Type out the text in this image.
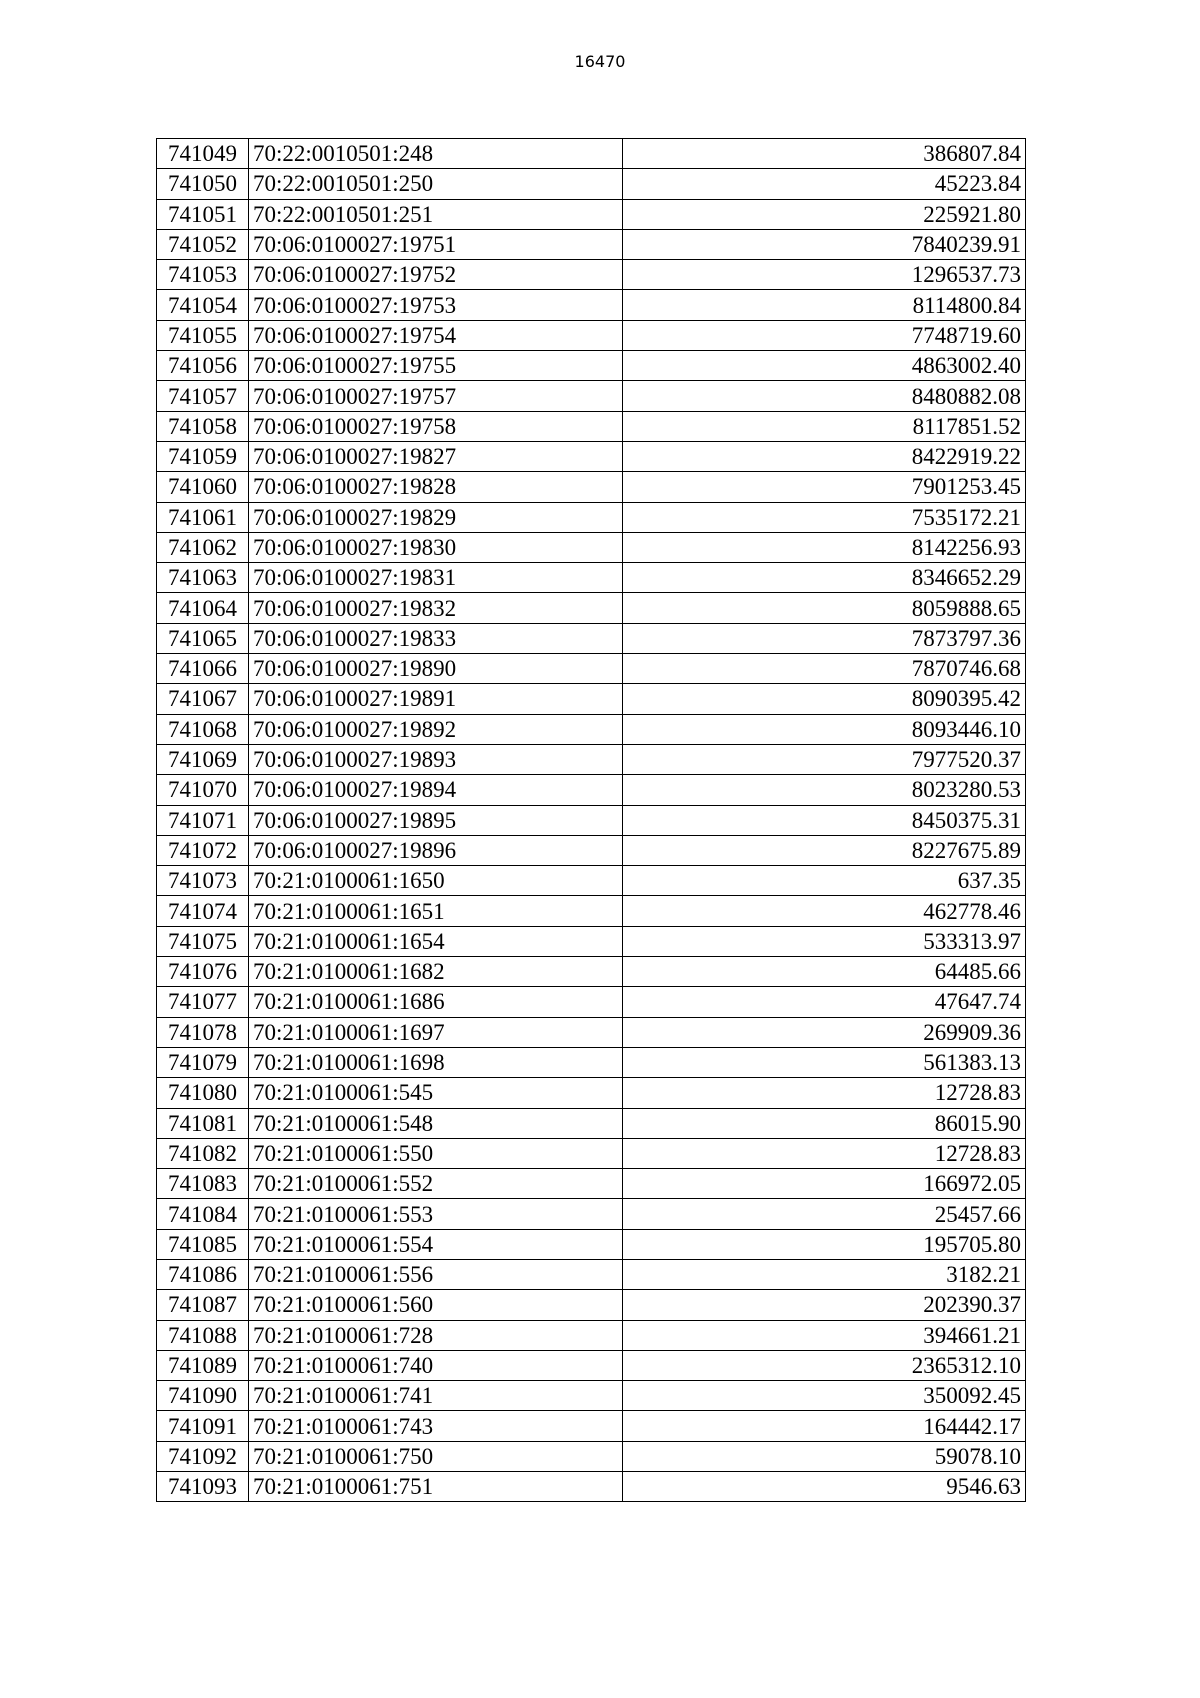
16470
741049	70:22:0010501:248	386807.84
741050	70:22:0010501:250	45223.84
741051	70:22:0010501:251	225921.80
741052	70:06:0100027:19751	7840239.91
741053	70:06:0100027:19752	1296537.73
741054	70:06:0100027:19753	8114800.84
741055	70:06:0100027:19754	7748719.60
741056	70:06:0100027:19755	4863002.40
741057	70:06:0100027:19757	8480882.08
741058	70:06:0100027:19758	8117851.52
741059	70:06:0100027:19827	8422919.22
741060	70:06:0100027:19828	7901253.45
741061	70:06:0100027:19829	7535172.21
741062	70:06:0100027:19830	8142256.93
741063	70:06:0100027:19831	8346652.29
741064	70:06:0100027:19832	8059888.65
741065	70:06:0100027:19833	7873797.36
741066	70:06:0100027:19890	7870746.68
741067	70:06:0100027:19891	8090395.42
741068	70:06:0100027:19892	8093446.10
741069	70:06:0100027:19893	7977520.37
741070	70:06:0100027:19894	8023280.53
741071	70:06:0100027:19895	8450375.31
741072	70:06:0100027:19896	8227675.89
741073	70:21:0100061:1650	637.35
741074	70:21:0100061:1651	462778.46
741075	70:21:0100061:1654	533313.97
741076	70:21:0100061:1682	64485.66
741077	70:21:0100061:1686	47647.74
741078	70:21:0100061:1697	269909.36
741079	70:21:0100061:1698	561383.13
741080	70:21:0100061:545	12728.83
741081	70:21:0100061:548	86015.90
741082	70:21:0100061:550	12728.83
741083	70:21:0100061:552	166972.05
741084	70:21:0100061:553	25457.66
741085	70:21:0100061:554	195705.80
741086	70:21:0100061:556	3182.21
741087	70:21:0100061:560	202390.37
741088	70:21:0100061:728	394661.21
741089	70:21:0100061:740	2365312.10
741090	70:21:0100061:741	350092.45
741091	70:21:0100061:743	164442.17
741092	70:21:0100061:750	59078.10
741093	70:21:0100061:751	9546.63
